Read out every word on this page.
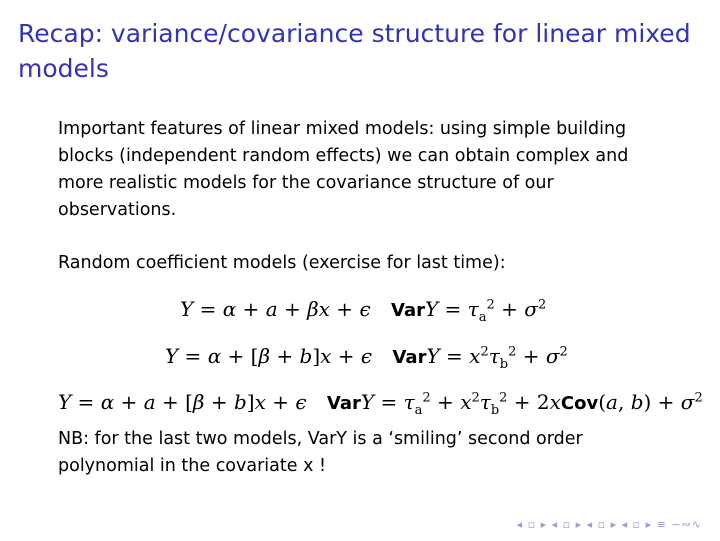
Recap: variance/covariance structure for linear mixed models
Important features of linear mixed models: using simple building blocks (independent random effects) we can obtain complex and more realistic models for the covariance structure of our observations.
Random coefficient models (exercise for last time):
Y = α + a + βx + ϵ VarY = $\tau_a^2 + \sigma^2$
Y = α + [β + b]x + ϵ VarY = $x^2\tau_b^2 + \sigma^2$
Y = α + a + [β + b]x + ϵ VarY = $\tau_a^2 + x^2\tau_b^2$ + 2xCov(a, $b) + \sigma^2$
NB: for the last two models, VarY is a ‘smiling’ second order polynomial in the covariate x !
◂ ▫ ▸ ◂ ▫ ▸ ◂ ▫ ▸ ◂ ▫ ▸ ≡ ∽∾∿
